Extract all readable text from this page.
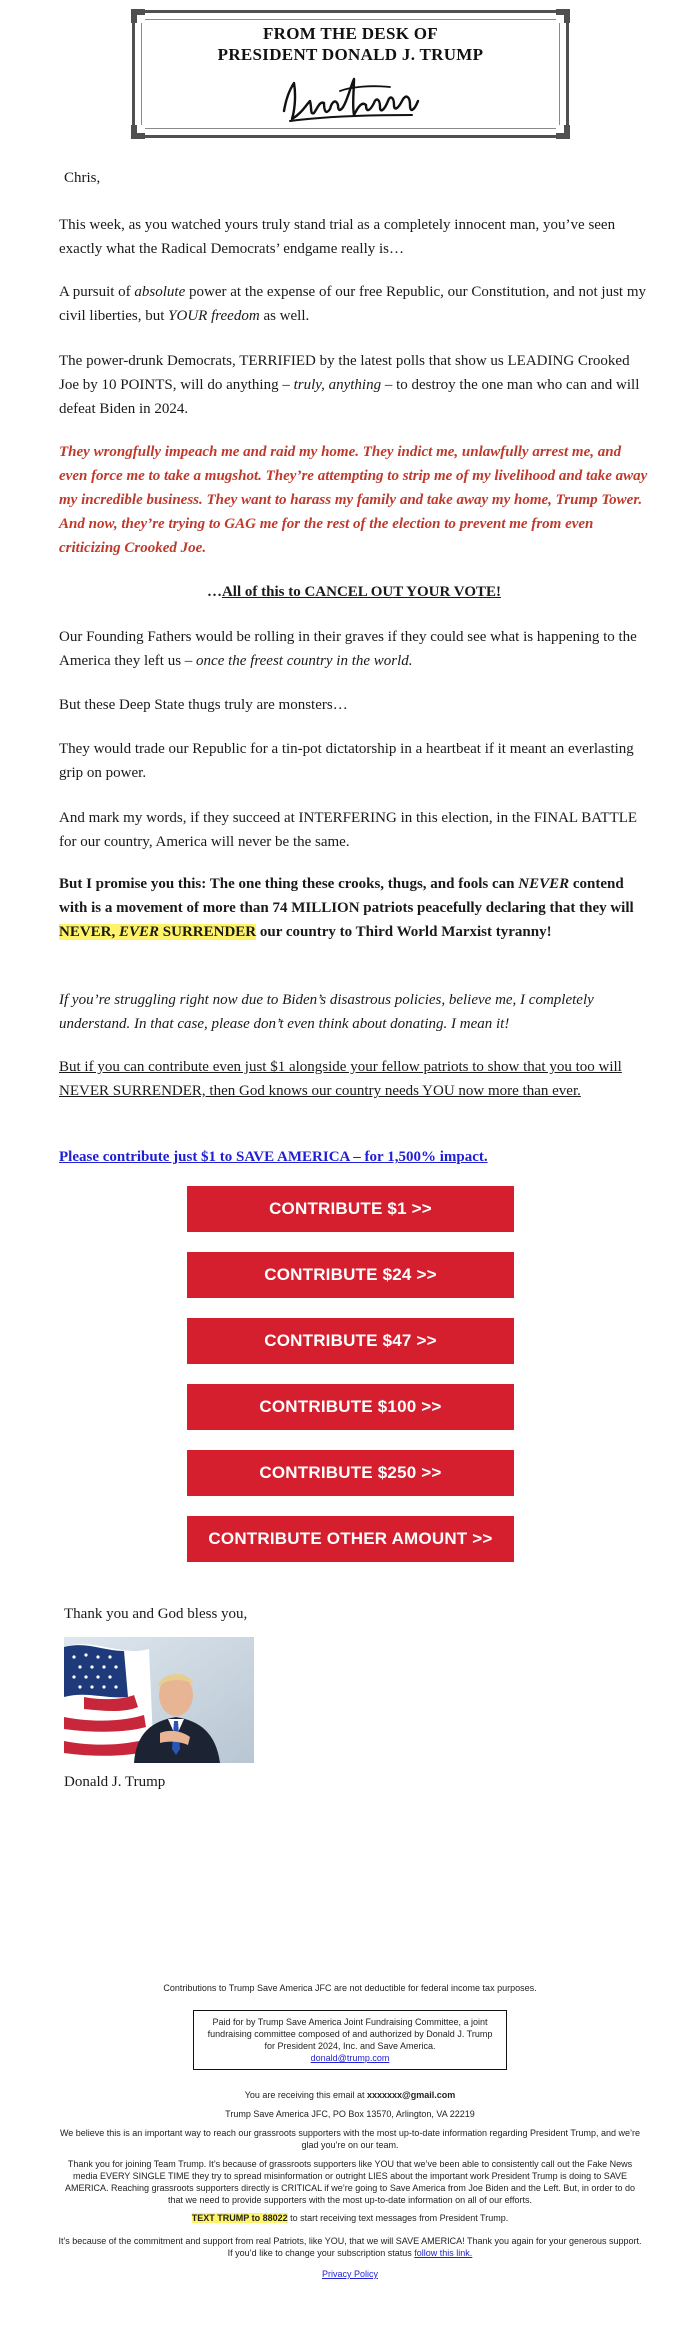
FROM THE DESK OF
PRESIDENT DONALD J. TRUMP

Chris,

This week, as you watched yours truly stand trial as a completely innocent man, you’ve seen exactly what the Radical Democrats’ endgame really is…

A pursuit of absolute power at the expense of our free Republic, our Constitution, and not just my civil liberties, but YOUR freedom as well.

The power-drunk Democrats, TERRIFIED by the latest polls that show us LEADING Crooked Joe by 10 POINTS, will do anything – truly, anything – to destroy the one man who can and will defeat Biden in 2024.

They wrongfully impeach me and raid my home. They indict me, unlawfully arrest me, and even force me to take a mugshot. They’re attempting to strip me of my livelihood and take away my incredible business. They want to harass my family and take away my home, Trump Tower. And now, they’re trying to GAG me for the rest of the election to prevent me from even criticizing Crooked Joe.

…All of this to CANCEL OUT YOUR VOTE!

Our Founding Fathers would be rolling in their graves if they could see what is happening to the America they left us – once the freest country in the world.

But these Deep State thugs truly are monsters…

They would trade our Republic for a tin-pot dictatorship in a heartbeat if it meant an everlasting grip on power.

And mark my words, if they succeed at INTERFERING in this election, in the FINAL BATTLE for our country, America will never be the same.

But I promise you this: The one thing these crooks, thugs, and fools can NEVER contend with is a movement of more than 74 MILLION patriots peacefully declaring that they will NEVER, EVER SURRENDER our country to Third World Marxist tyranny!

If you’re struggling right now due to Biden’s disastrous policies, believe me, I completely understand. In that case, please don’t even think about donating. I mean it!

But if you can contribute even just $1 alongside your fellow patriots to show that you too will NEVER SURRENDER, then God knows our country needs YOU now more than ever.

Please contribute just $1 to SAVE AMERICA – for 1,500% impact.

CONTRIBUTE $1 >>
CONTRIBUTE $24 >>
CONTRIBUTE $47 >>
CONTRIBUTE $100 >>
CONTRIBUTE $250 >>
CONTRIBUTE OTHER AMOUNT >>

Thank you and God bless you,

Donald J. Trump

Contributions to Trump Save America JFC are not deductible for federal income tax purposes.

Paid for by Trump Save America Joint Fundraising Committee, a joint fundraising committee composed of and authorized by Donald J. Trump for President 2024, Inc. and Save America.
donald@trump.com

You are receiving this email at xxxxxxx@gmail.com

Trump Save America JFC, PO Box 13570, Arlington, VA 22219

We believe this is an important way to reach our grassroots supporters with the most up-to-date information regarding President Trump, and we’re glad you’re on our team.

Thank you for joining Team Trump. It’s because of grassroots supporters like YOU that we’ve been able to consistently call out the Fake News media EVERY SINGLE TIME they try to spread misinformation or outright LIES about the important work President Trump is doing to SAVE AMERICA. Reaching grassroots supporters directly is CRITICAL if we’re going to Save America from Joe Biden and the Left. But, in order to do that we need to provide supporters with the most up-to-date information on all of our efforts.

TEXT TRUMP to 88022 to start receiving text messages from President Trump.

It’s because of the commitment and support from real Patriots, like YOU, that we will SAVE AMERICA! Thank you again for your generous support. If you’d like to change your subscription status follow this link.

Privacy Policy
